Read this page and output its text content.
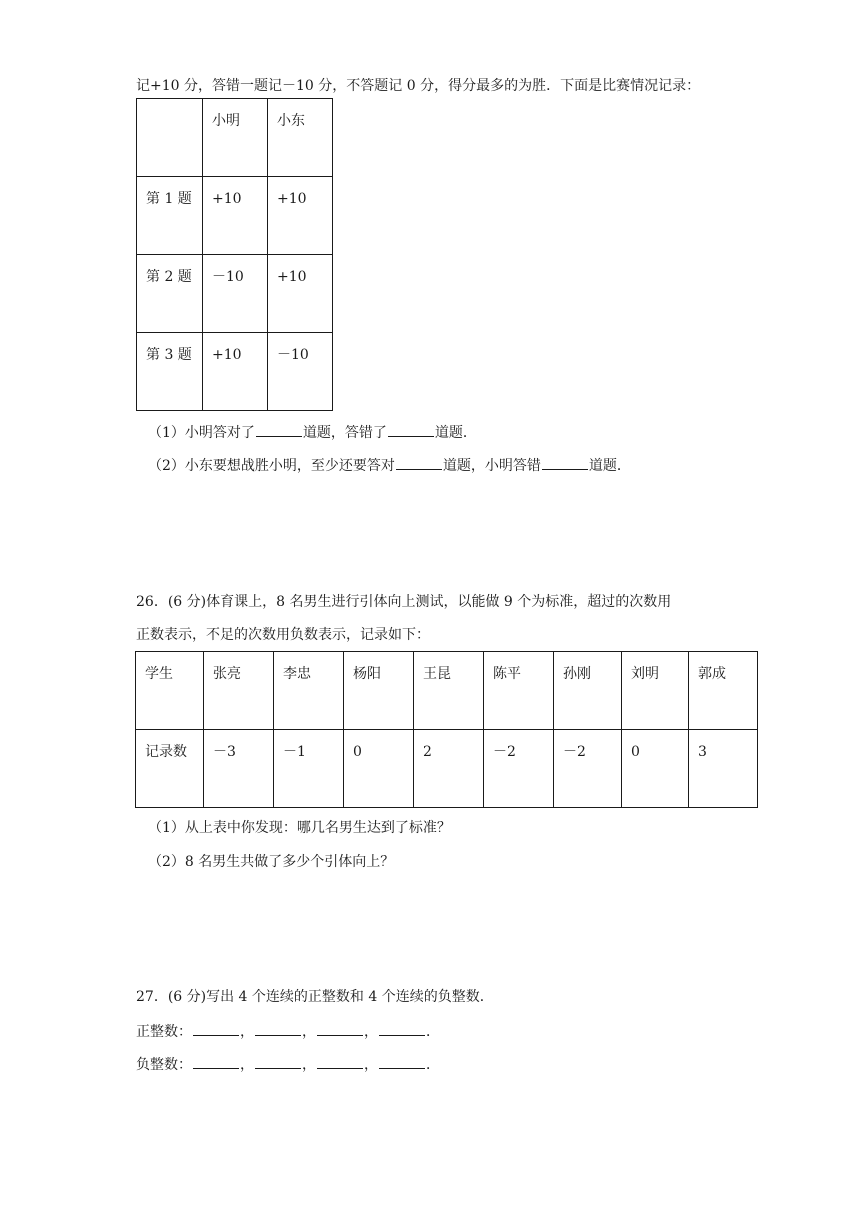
记+10 分，答错一题记－10 分，不答题记 0 分，得分最多的为胜．下面是比赛情况记录：

	小明	小东

第 1 题	+10	+10

第 2 题	－10	+10

第 3 题	+10	－10
（1）小明答对了	道题，答错了	道题．
（2）小东要想战胜小明，至少还要答对	道题，小明答错	道题．
26．(6 分)体育课上，8 名男生进行引体向上测试，以能做 9 个为标准，超过的次数用
正数表示，不足的次数用负数表示，记录如下：
学生	张亮	李忠	杨阳	王昆	陈平	孙刚	刘明	郭成

记录数	－3	－1	0	2	－2	－2	0	3
（1）从上表中你发现：哪几名男生达到了标准？
（2）8 名男生共做了多少个引体向上？
27．(6 分)写出 4 个连续的正整数和 4 个连续的负整数．
正整数：	，	，	，	．
负整数：	，	，	，	．
